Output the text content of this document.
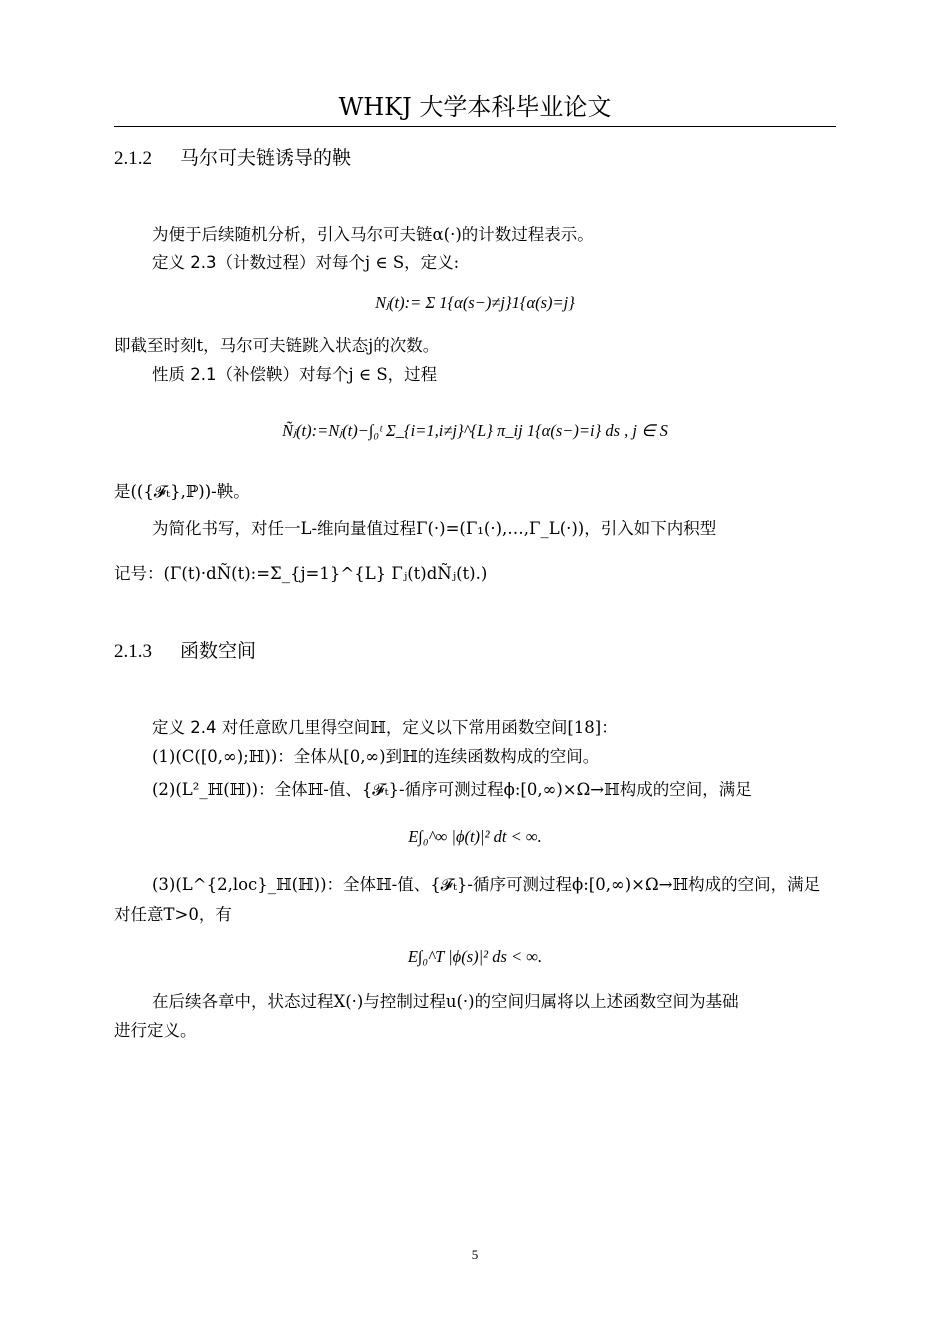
WHKJ 大学本科毕业论文
2.1.2 马尔可夫链诱导的鞅
为便于后续随机分析，引入马尔可夫链α(·)的计数过程表示。
定义 2.3（计数过程）对每个j ∈ S，定义:
Nⱼ(t):= Σ 1{α(s−)≠j}1{α(s)=j}
即截至时刻t，马尔可夫链跳入状态j的次数。
性质 2.1（补偿鞅）对每个j ∈ S，过程
Ñⱼ(t):=Nⱼ(t)−∫₀ᵗ Σ_{i=1,i≠j}^{L} π_ij 1{α(s−)=i} ds , j ∈ S
是(({𝓕ₜ},ℙ))-鞅。
为简化书写，对任一L-维向量值过程Γ(·)=(Γ₁(·),…,Γ_L(·))，引入如下内积型
记号：(Γ(t)·dÑ(t):=Σ_{j=1}^{L} Γⱼ(t)dÑⱼ(t).)
2.1.3 函数空间
定义 2.4 对任意欧几里得空间ℍ，定义以下常用函数空间[18]：
(1)(C([0,∞);ℍ))：全体从[0,∞)到ℍ的连续函数构成的空间。
(2)(L²_ℍ(ℍ))：全体ℍ-值、{𝓕ₜ}-循序可测过程ϕ:[0,∞)×Ω→ℍ构成的空间，满足
E∫₀^∞ |ϕ(t)|² dt < ∞.
(3)(L^{2,loc}_ℍ(ℍ))：全体ℍ-值、{𝓕ₜ}-循序可测过程ϕ:[0,∞)×Ω→ℍ构成的空间，满足
对任意T>0，有
E∫₀^T |ϕ(s)|² ds < ∞.
在后续各章中，状态过程X(·)与控制过程u(·)的空间归属将以上述函数空间为基础
进行定义。
5
